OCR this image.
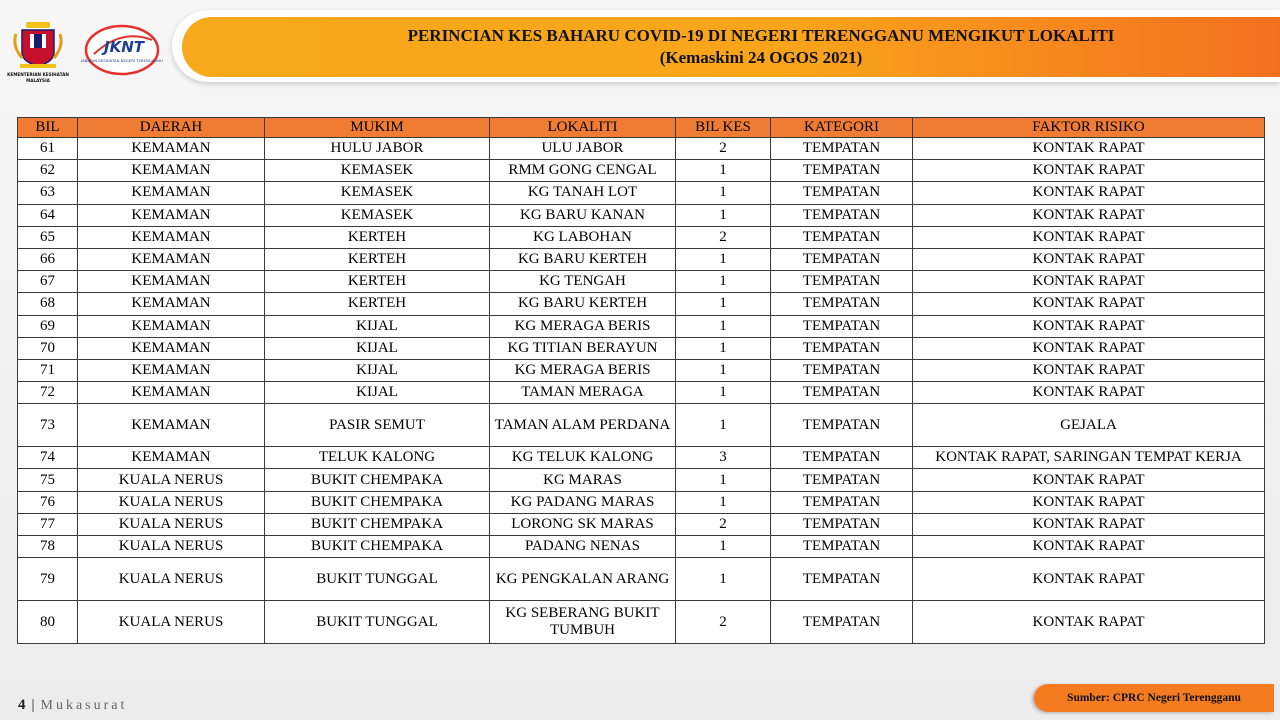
KEMENTERIAN KESIHATAN
MALAYSIA
JKNT
JABATAN KESIHATAN NEGERI TERENGGANU
PERINCIAN KES BAHARU COVID-19 DI NEGERI TERENGGANU MENGIKUT LOKALITI
(Kemaskini 24 OGOS 2021)
BIL	DAERAH	MUKIM	LOKALITI	BIL KES	KATEGORI	FAKTOR RISIKO
61	KEMAMAN	HULU JABOR	ULU JABOR	2	TEMPATAN	KONTAK RAPAT
62	KEMAMAN	KEMASEK	RMM GONG CENGAL	1	TEMPATAN	KONTAK RAPAT
63	KEMAMAN	KEMASEK	KG TANAH LOT	1	TEMPATAN	KONTAK RAPAT
64	KEMAMAN	KEMASEK	KG BARU KANAN	1	TEMPATAN	KONTAK RAPAT
65	KEMAMAN	KERTEH	KG LABOHAN	2	TEMPATAN	KONTAK RAPAT
66	KEMAMAN	KERTEH	KG BARU KERTEH	1	TEMPATAN	KONTAK RAPAT
67	KEMAMAN	KERTEH	KG TENGAH	1	TEMPATAN	KONTAK RAPAT
68	KEMAMAN	KERTEH	KG BARU KERTEH	1	TEMPATAN	KONTAK RAPAT
69	KEMAMAN	KIJAL	KG MERAGA BERIS	1	TEMPATAN	KONTAK RAPAT
70	KEMAMAN	KIJAL	KG TITIAN BERAYUN	1	TEMPATAN	KONTAK RAPAT
71	KEMAMAN	KIJAL	KG MERAGA BERIS	1	TEMPATAN	KONTAK RAPAT
72	KEMAMAN	KIJAL	TAMAN MERAGA	1	TEMPATAN	KONTAK RAPAT
73	KEMAMAN	PASIR SEMUT	TAMAN ALAM PERDANA	1	TEMPATAN	GEJALA
74	KEMAMAN	TELUK KALONG	KG TELUK KALONG	3	TEMPATAN	KONTAK RAPAT, SARINGAN TEMPAT KERJA
75	KUALA NERUS	BUKIT CHEMPAKA	KG MARAS	1	TEMPATAN	KONTAK RAPAT
76	KUALA NERUS	BUKIT CHEMPAKA	KG PADANG MARAS	1	TEMPATAN	KONTAK RAPAT
77	KUALA NERUS	BUKIT CHEMPAKA	LORONG SK MARAS	2	TEMPATAN	KONTAK RAPAT
78	KUALA NERUS	BUKIT CHEMPAKA	PADANG NENAS	1	TEMPATAN	KONTAK RAPAT
79	KUALA NERUS	BUKIT TUNGGAL	KG PENGKALAN ARANG	1	TEMPATAN	KONTAK RAPAT
80	KUALA NERUS	BUKIT TUNGGAL	KG SEBERANG BUKIT TUMBUH	2	TEMPATAN	KONTAK RAPAT
4 | Mukasurat	Sumber: CPRC Negeri Terengganu
